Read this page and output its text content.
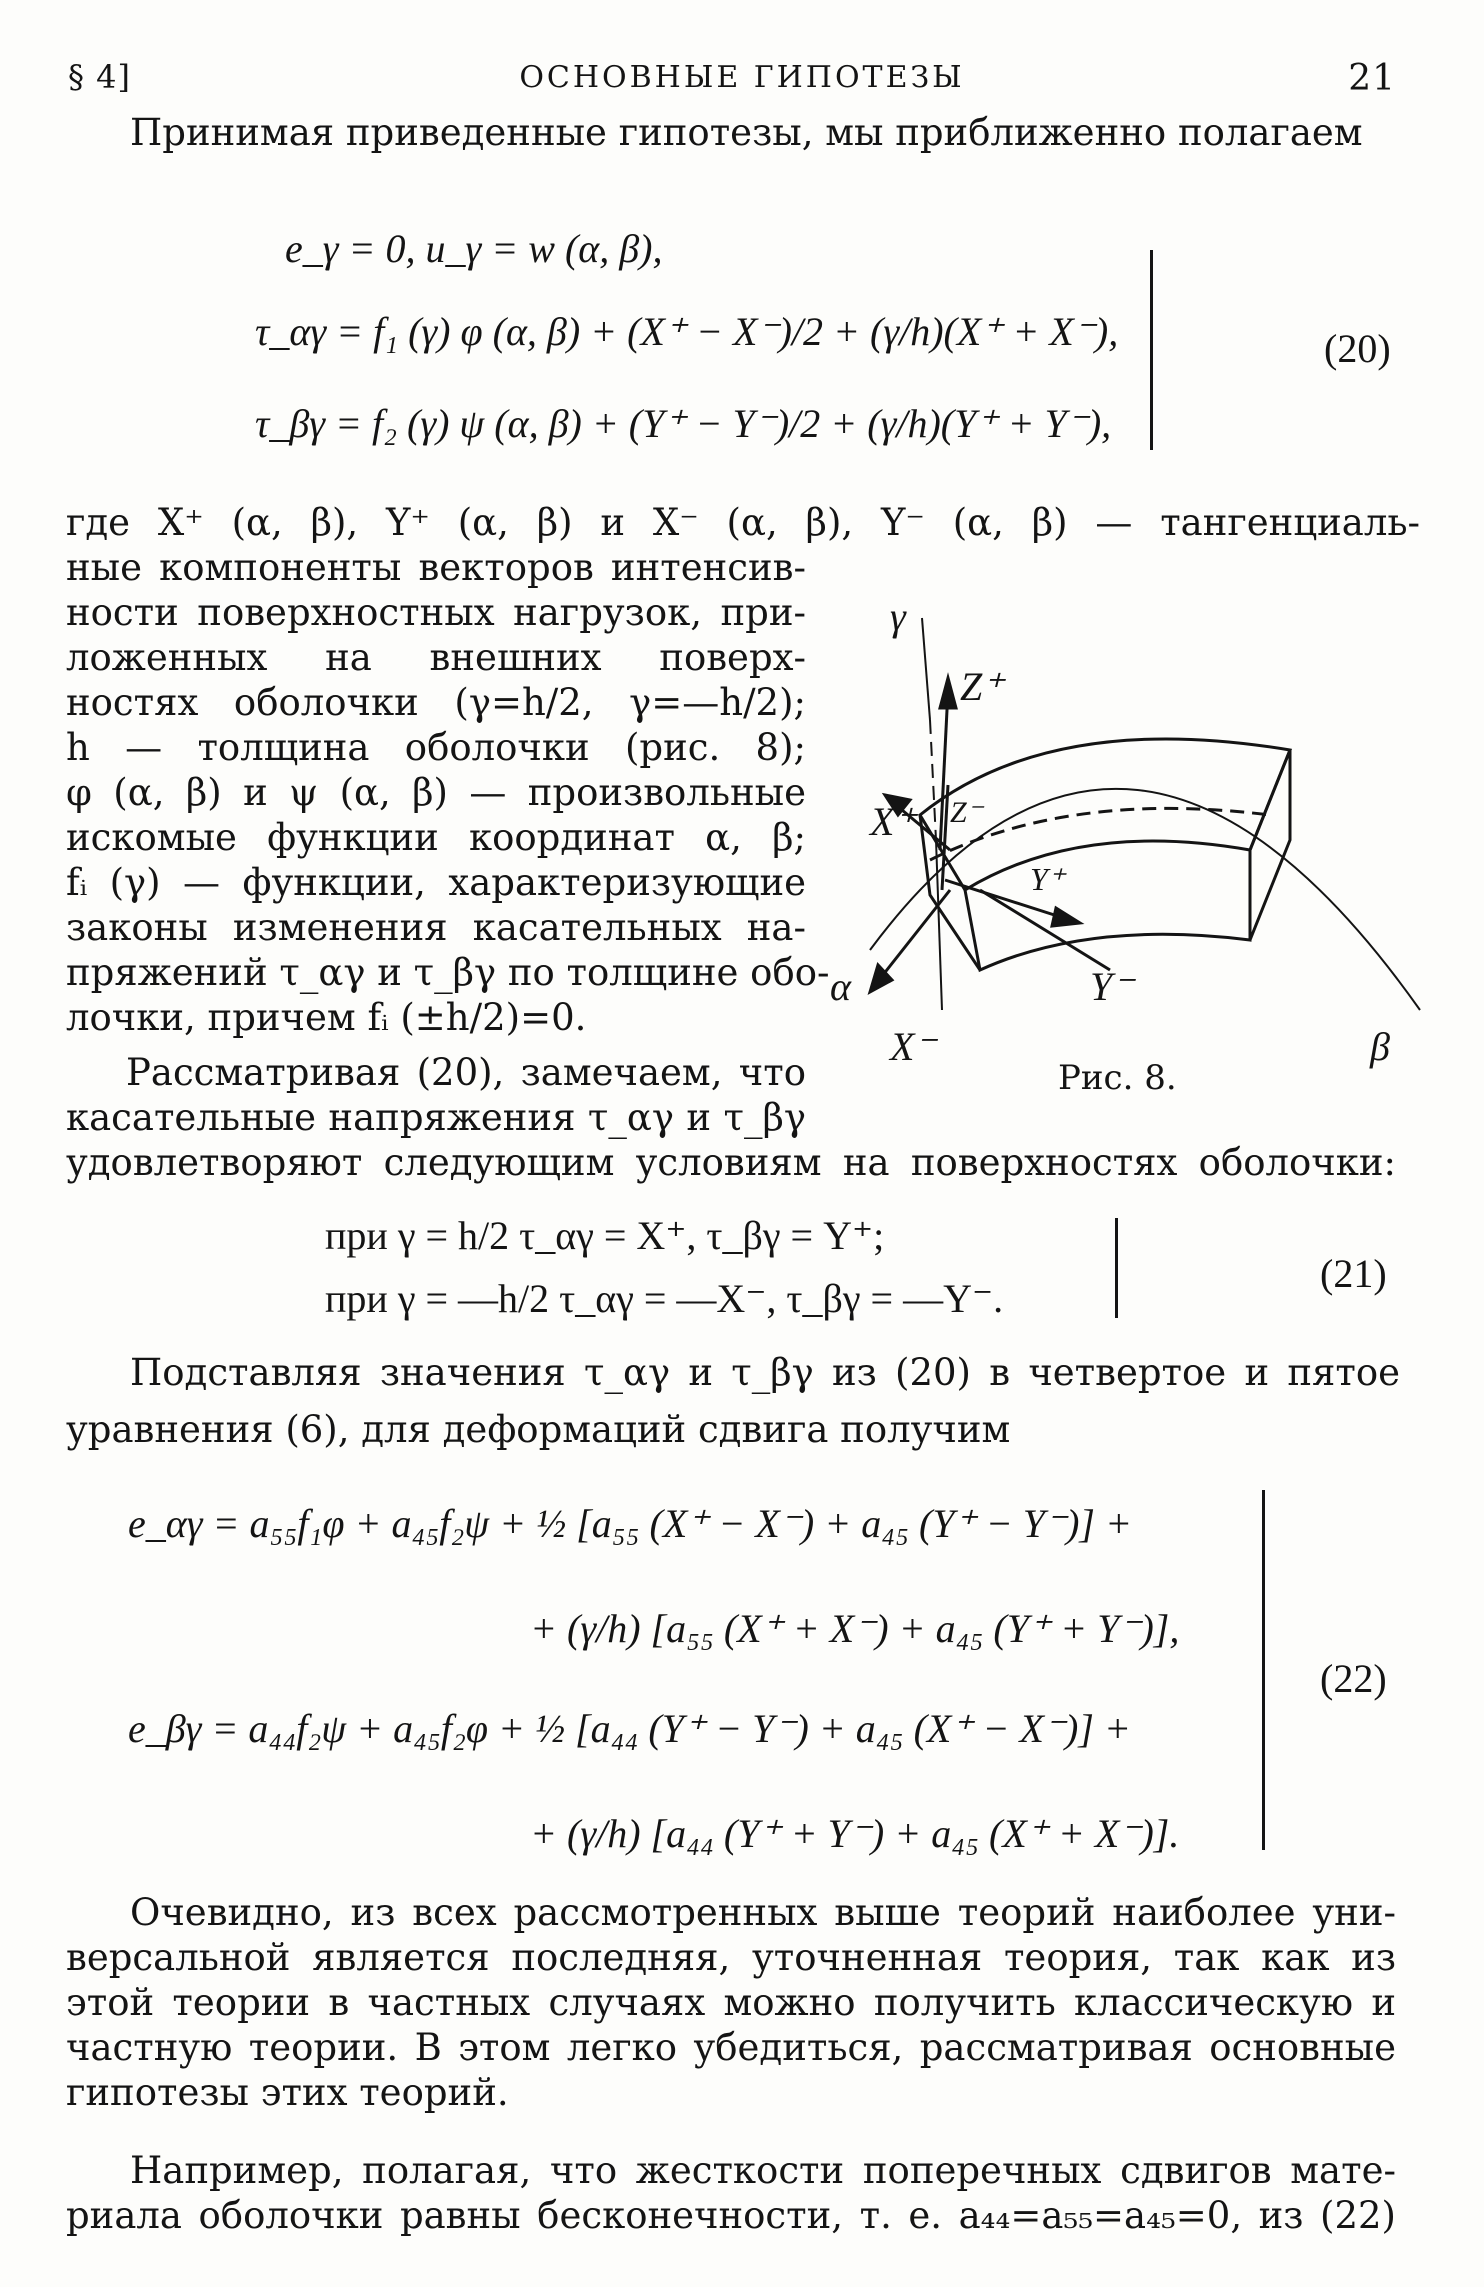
§ 4]	ОСНОВНЫЕ ГИПОТЕЗЫ	21
Принимая приведенные гипотезы, мы приближенно полагаем
e_γ = 0, u_γ = w (α, β),
τ_αγ = f₁ (γ) φ (α, β) + (X⁺ − X⁻)/2 + (γ/h)(X⁺ + X⁻),
τ_βγ = f₂ (γ) ψ (α, β) + (Y⁺ − Y⁻)/2 + (γ/h)(Y⁺ + Y⁻),
(20)
где X⁺ (α, β), Y⁺ (α, β) и X⁻ (α, β), Y⁻ (α, β) — тангенциаль-
ные компоненты векторов интенсив-
ности поверхностных нагрузок, при-
ложенных на внешних поверх-
ностях оболочки (γ=h/2, γ=—h/2);
h — толщина оболочки (рис. 8);
φ (α, β) и ψ (α, β) — произвольные
искомые функции координат α, β;
fᵢ (γ) — функции, характеризующие
законы изменения касательных на-
пряжений τ_αγ и τ_βγ по толщине обо-
лочки, причем fᵢ (±h/2)=0.
Рассматривая (20), замечаем, что
касательные напряжения τ_αγ и τ_βγ
удовлетворяют следующим условиям на поверхностях оболочки:
γ
Z⁺
Z⁻
X⁺
Y⁺
X⁻
Y⁻
α
β
Рис. 8.
при γ = h/2 τ_αγ = X⁺, τ_βγ = Y⁺;
при γ = —h/2 τ_αγ = —X⁻, τ_βγ = —Y⁻.
(21)
Подставляя значения τ_αγ и τ_βγ из (20) в четвертое и пятое
уравнения (6), для деформаций сдвига получим
e_αγ = a₅₅f₁φ + a₄₅f₂ψ + ½ [a₅₅ (X⁺ − X⁻) + a₄₅ (Y⁺ − Y⁻)] +
+ (γ/h) [a₅₅ (X⁺ + X⁻) + a₄₅ (Y⁺ + Y⁻)],
e_βγ = a₄₄f₂ψ + a₄₅f₂φ + ½ [a₄₄ (Y⁺ − Y⁻) + a₄₅ (X⁺ − X⁻)] +
+ (γ/h) [a₄₄ (Y⁺ + Y⁻) + a₄₅ (X⁺ + X⁻)].
(22)
Очевидно, из всех рассмотренных выше теорий наиболее уни-
версальной является последняя, уточненная теория, так как из
этой теории в частных случаях можно получить классическую и
частную теории. В этом легко убедиться, рассматривая основные
гипотезы этих теорий.
Например, полагая, что жесткости поперечных сдвигов мате-
риала оболочки равны бесконечности, т. е. a₄₄=a₅₅=a₄₅=0, из (22)
